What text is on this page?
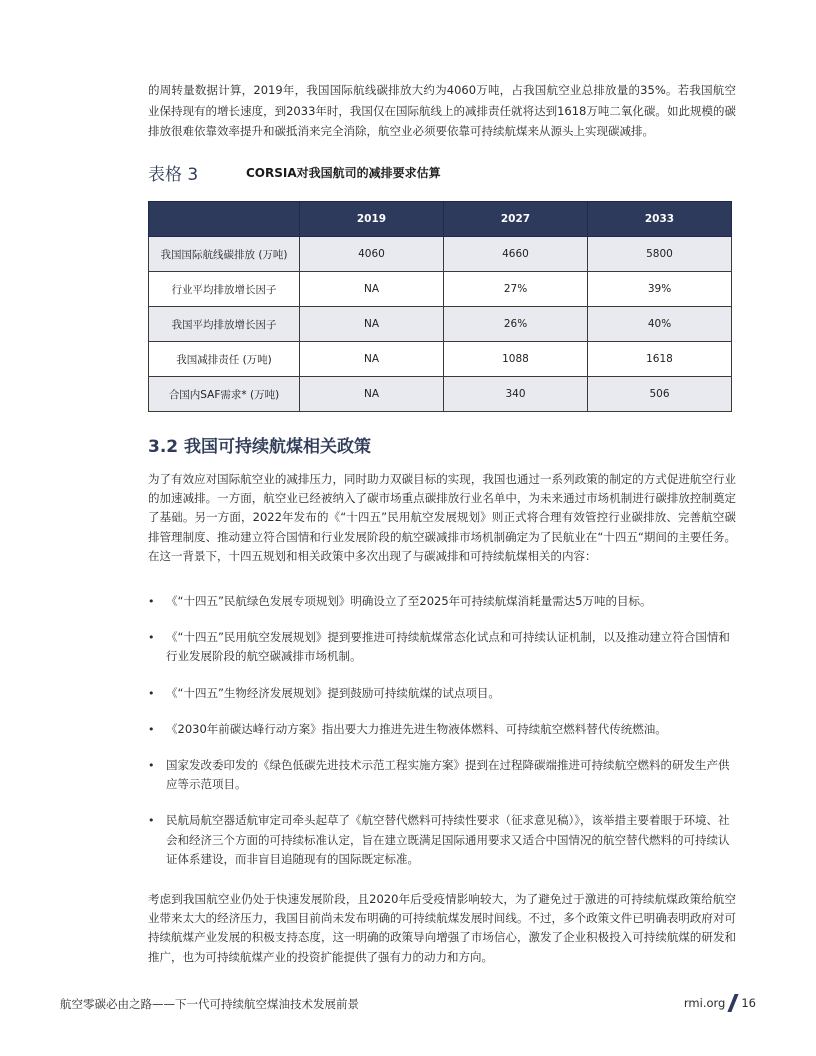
的周转量数据计算，2019年，我国国际航线碳排放大约为4060万吨，占我国航空业总排放量的35%。若我国航空业保持现有的增长速度，到2033年时，我国仅在国际航线上的减排责任就将达到1618万吨二氧化碳。如此规模的碳排放很难依靠效率提升和碳抵消来完全消除，航空业必须要依靠可持续航煤来从源头上实现碳减排。

表格 3	CORSIA对我国航司的减排要求估算
	2019	2027	2033
我国国际航线碳排放 (万吨)	4060	4660	5800
行业平均排放增长因子	NA	27%	39%
我国平均排放增长因子	NA	26%	40%
我国减排责任 (万吨)	NA	1088	1618
合国内SAF需求* (万吨)	NA	340	506
3.2 我国可持续航煤相关政策

为了有效应对国际航空业的减排压力，同时助力双碳目标的实现，我国也通过一系列政策的制定的方式促进航空行业的加速减排。一方面，航空业已经被纳入了碳市场重点碳排放行业名单中，为未来通过市场机制进行碳排放控制奠定了基础。另一方面，2022年发布的《“十四五”民用航空发展规划》则正式将合理有效管控行业碳排放、完善航空碳排管理制度、推动建立符合国情和行业发展阶段的航空碳减排市场机制确定为了民航业在“十四五“期间的主要任务。在这一背景下，十四五规划和相关政策中多次出现了与碳减排和可持续航煤相关的内容：

• 《“十四五”民航绿色发展专项规划》明确设立了至2025年可持续航煤消耗量需达5万吨的目标。
• 《“十四五”民用航空发展规划》提到要推进可持续航煤常态化试点和可持续认证机制，以及推动建立符合国情和行业发展阶段的航空碳减排市场机制。
• 《“十四五”生物经济发展规划》提到鼓励可持续航煤的试点项目。
• 《2030年前碳达峰行动方案》指出要大力推进先进生物液体燃料、可持续航空燃料替代传统燃油。
• 国家发改委印发的《绿色低碳先进技术示范工程实施方案》提到在过程降碳端推进可持续航空燃料的研发生产供应等示范项目。
• 民航局航空器适航审定司牵头起草了《航空替代燃料可持续性要求（征求意见稿）》，该举措主要着眼于环境、社会和经济三个方面的可持续标准认定，旨在建立既满足国际通用要求又适合中国情况的航空替代燃料的可持续认证体系建设，而非盲目追随现有的国际既定标准。

考虑到我国航空业仍处于快速发展阶段，且2020年后受疫情影响较大，为了避免过于激进的可持续航煤政策给航空业带来太大的经济压力，我国目前尚未发布明确的可持续航煤发展时间线。不过，多个政策文件已明确表明政府对可持续航煤产业发展的积极支持态度，这一明确的政策导向增强了市场信心，激发了企业积极投入可持续航煤的研发和推广，也为可持续航煤产业的投资扩能提供了强有力的动力和方向。

航空零碳必由之路——下一代可持续航空煤油技术发展前景	rmi.org 16
